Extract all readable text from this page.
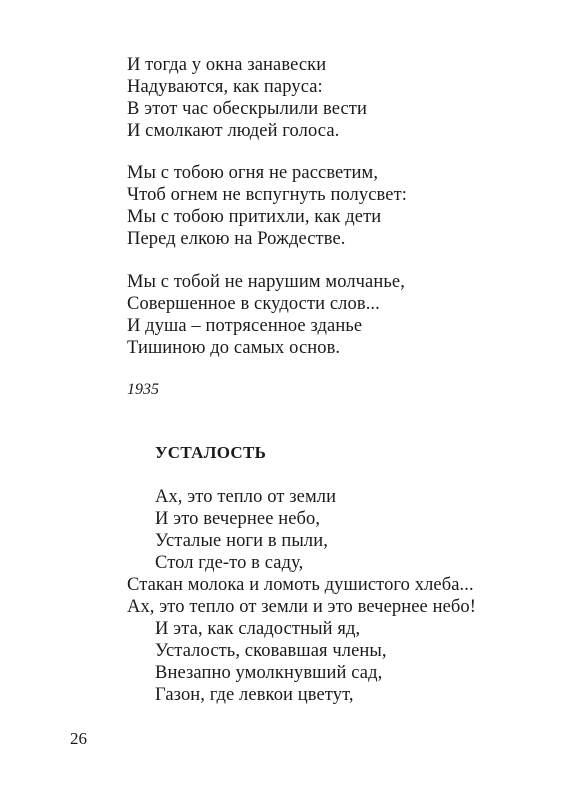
И тогда у окна занавески
Надуваются, как паруса:
В этот час обескрылили вести
И смолкают людей голоса.
Мы с тобою огня не рассветим,
Чтоб огнем не вспугнуть полусвет:
Мы с тобою притихли, как дети
Перед елкою на Рождестве.
Мы с тобой не нарушим молчанье,
Совершенное в скудости слов...
И душа – потрясенное зданье
Тишиною до самых основ.
1935
УСТАЛОСТЬ
Ах, это тепло от земли
И это вечернее небо,
Усталые ноги в пыли,
Стол где-то в саду,
Стакан молока и ломоть душистого хлеба...
Ах, это тепло от земли и это вечернее небо!
И эта, как сладостный яд,
Усталость, сковавшая члены,
Внезапно умолкнувший сад,
Газон, где левкои цветут,
26
